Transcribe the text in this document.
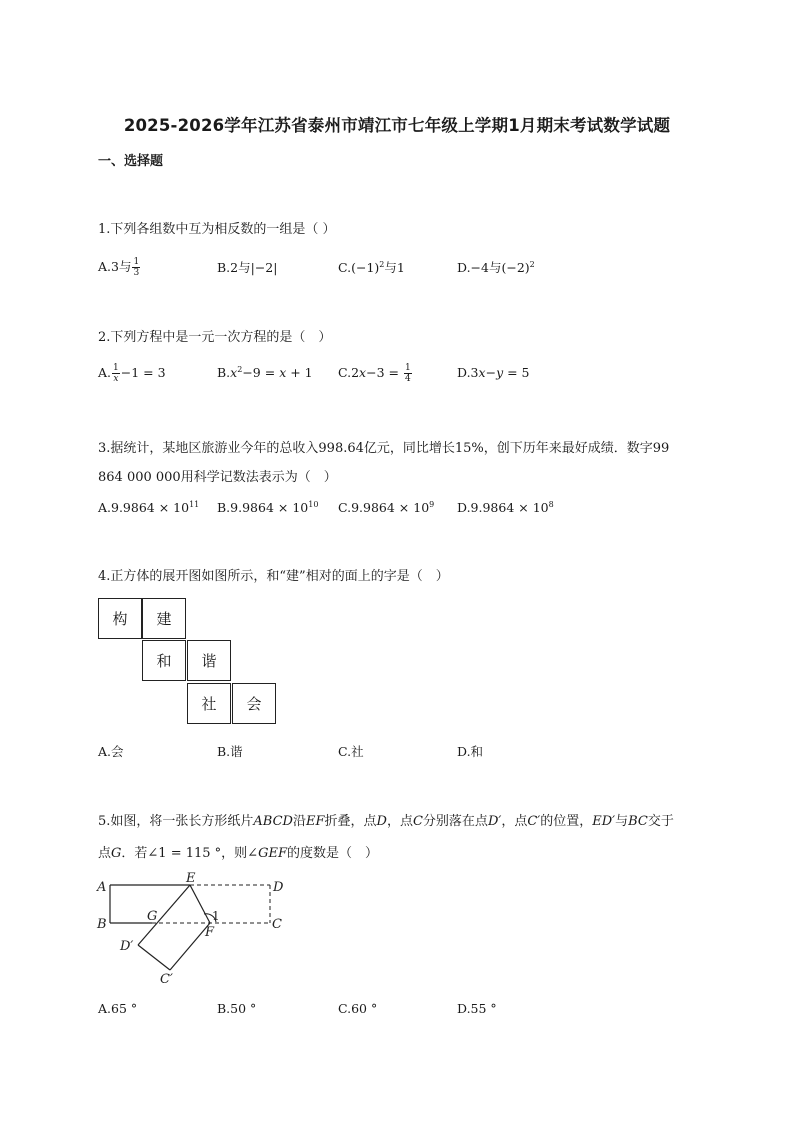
2025-2026学年江苏省泰州市靖江市七年级上学期1月期末考试数学试题
一、选择题
1.下列各组数中互为相反数的一组是（ ）
A.3与 $\frac{1}{3}$	B.2与|−2|	$C.(-1)^2$与1	D.−4与$(-2)^2$
2.下列方程中是一元一次方程的是（　）
A. $\frac{1}{x} -1 = 3$	$B.x^2-9 = x + 1$ $C.2x-3 = \frac{1}{4}$	D.3x−y = 5
3.据统计，某地区旅游业今年的总收入998.64亿元，同比增长15%，创下历年来最好成绩．数字99
864 000 000用科学记数法表示为（　）
$A.9.9864 \times 10^{11}$ $B.9.9864 \times 10^{10}$ $C.9.9864 \times 10^9$ $D.9.9864 \times 10^8$
4.正方体的展开图如图所示，和“建”相对的面上的字是（　）
构	建
和	谐
社	会
A.会	B.谐	C.社	D.和
5.如图，将一张长方形纸片ABCD沿EF折叠，点D，点C分别落在点D′，点C′的位置，ED′与BC交于
点G．若∠1 = 115 °，则∠GEF的度数是（　）
A
E
D
B
G	1
F
C
D′
C′
A.65 °	B.50 °	C.60 °	D.55 °
